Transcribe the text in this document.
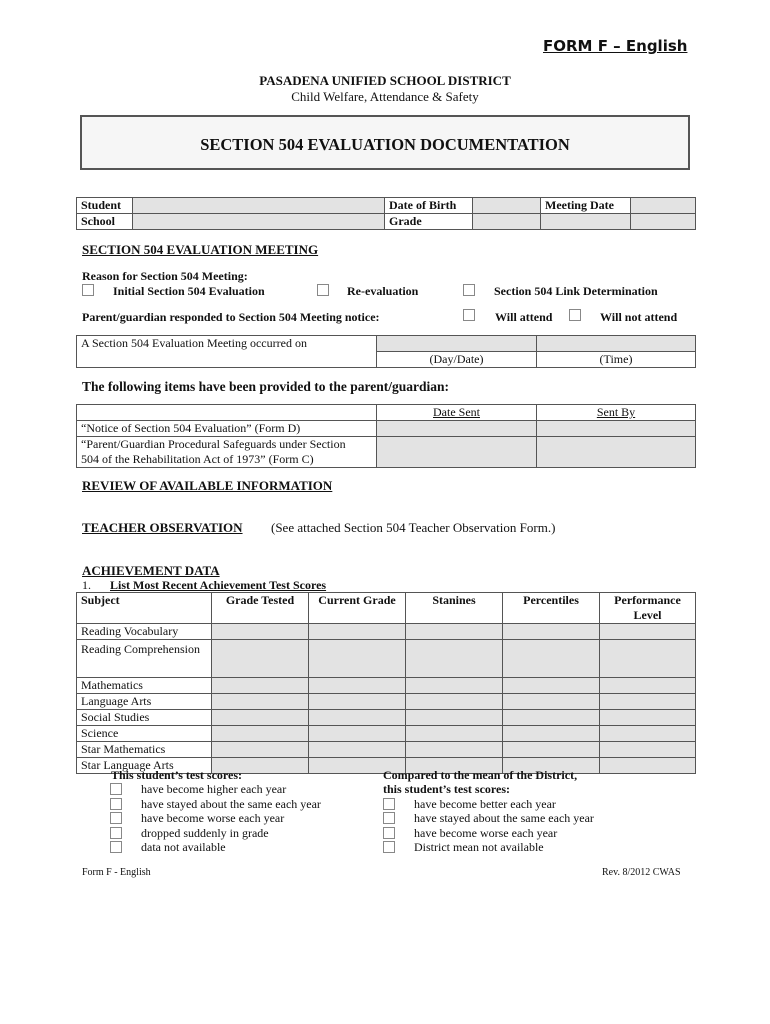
FORM F – English
PASADENA UNIFIED SCHOOL DISTRICT
Child Welfare, Attendance & Safety
SECTION 504 EVALUATION DOCUMENTATION
Student		Date of Birth		Meeting Date	
School		Grade			
SECTION 504 EVALUATION MEETING
Reason for Section 504 Meeting:
Initial Section 504 Evaluation	Re-evaluation	Section 504 Link Determination
Parent/guardian responded to Section 504 Meeting notice:	Will attend	Will not attend
A Section 504 Evaluation Meeting occurred on		
	(Day/Date)	(Time)
The following items have been provided to the parent/guardian:
	Date Sent	Sent By
“Notice of Section 504 Evaluation” (Form D)		
“Parent/Guardian Procedural Safeguards under Section
504 of the Rehabilitation Act of 1973” (Form C)		
REVIEW OF AVAILABLE INFORMATION
TEACHER OBSERVATION (See attached Section 504 Teacher Observation Form.)
ACHIEVEMENT DATA
1. List Most Recent Achievement Test Scores
Subject	Grade Tested	Current Grade	Stanines	Percentiles	Performance Level
Reading Vocabulary					
Reading Comprehension					
Mathematics					
Language Arts					
Social Studies					
Science					
Star Mathematics					
Star Language Arts					
This student’s test scores:
have become higher each year
have stayed about the same each year
have become worse each year
dropped suddenly in grade
data not available
Compared to the mean of the District,
this student’s test scores:
have become better each year
have stayed about the same each year
have become worse each year
District mean not available
Form F - English	Rev. 8/2012 CWAS
